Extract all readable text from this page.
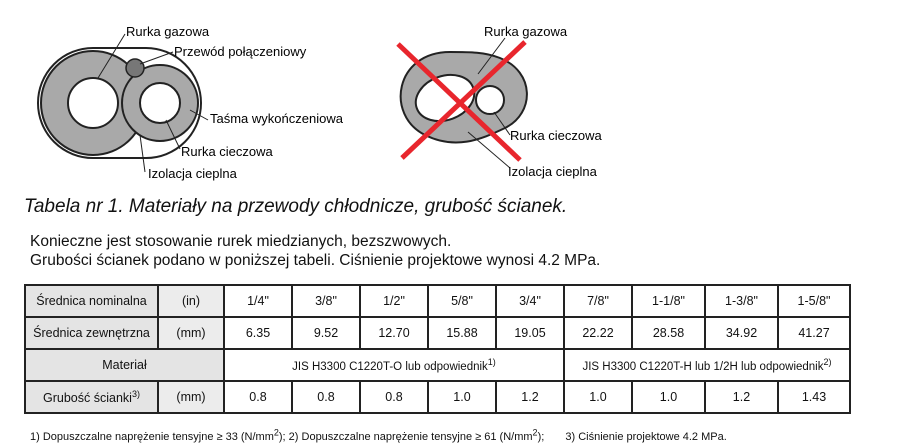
Rurka gazowa
Przewód połączeniowy
Taśma wykończeniowa
Rurka cieczowa
Izolacja cieplna
Rurka gazowa
Rurka cieczowa
Izolacja cieplna
Tabela nr 1. Materiały na przewody chłodnicze, grubość ścianek.
Konieczne jest stosowanie rurek miedzianych, bezszwowych.
Grubości ścianek podano w poniższej tabeli. Ciśnienie projektowe wynosi 4.2 MPa.
Średnica nominalna	(in)	1/4"	3/8"	1/2"	5/8"	3/4"	7/8"	1-1/8"	1-3/8"	1-5/8"
Średnica zewnętrzna	(mm)	6.35	9.52	12.70	15.88	19.05	22.22	28.58	34.92	41.27
Materiał		JIS H3300 C1220T-O lub odpowiednik$^{1)}$					JIS H3300 C1220T-H lub 1/2H lub odpowiednik$^{2)}$
Grubość ścianki$^{3)}$	(mm)	0.8	0.8	0.8	1.0	1.2	1.0	1.0	1.2	1.43
1) Dopuszczalne naprężenie tensyjne ≥ 33 $(N/mm^2)$; 2) Dopuszczalne naprężenie tensyjne ≥ 61 $(N/mm^2)$; 3) Ciśnienie projektowe 4.2 MPa.
